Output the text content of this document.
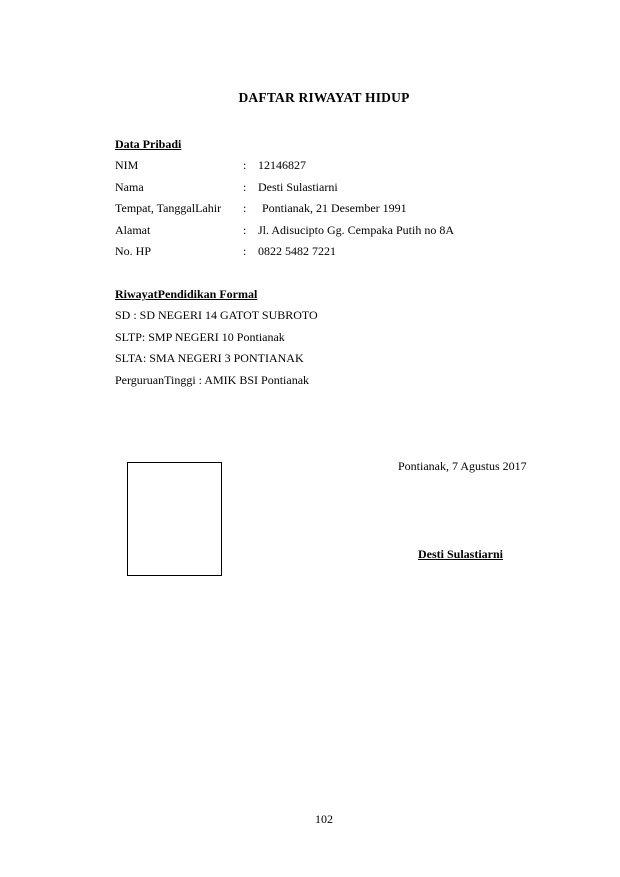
DAFTAR RIWAYAT HIDUP
Data Pribadi
NIM	: 12146827
Nama	: Desti Sulastiarni
Tempat, TanggalLahir : Pontianak, 21 Desember 1991
Alamat	: Jl. Adisucipto Gg. Cempaka Putih no 8A
No. HP	: 0822 5482 7221
RiwayatPendidikan Formal
SD : SD NEGERI 14 GATOT SUBROTO
SLTP: SMP NEGERI 10 Pontianak
SLTA: SMA NEGERI 3 PONTIANAK
PerguruanTinggi : AMIK BSI Pontianak
Pontianak, 7 Agustus 2017
Desti Sulastiarni
102
